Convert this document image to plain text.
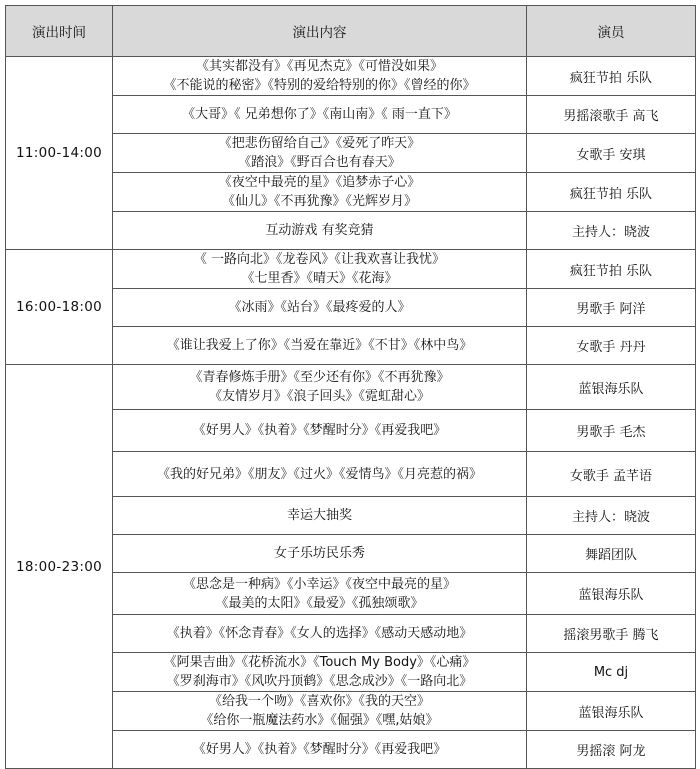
演出时间	演出内容	演员
11:00-14:00	《其实都没有》《再见杰克》《可惜没如果》
《不能说的秘密》《特别的爱给特别的你》《曾经的你》	疯狂节拍 乐队

	《大哥》《 兄弟想你了》《南山南》《 雨一直下》	男摇滚歌手 高飞

	《把悲伤留给自己》《爱死了昨天》
《踏浪》《野百合也有春天》	女歌手 安琪

	《夜空中最亮的星》《追梦赤子心》
《仙儿》《不再犹豫》《光辉岁月》	疯狂节拍 乐队

	互动游戏 有奖竞猜	主持人：晓波
16:00-18:00	《 一路向北》《龙卷风》《让我欢喜让我忧》
《七里香》《晴天》《花海》	疯狂节拍 乐队

	《冰雨》《站台》《最疼爱的人》	男歌手 阿洋

	《谁让我爱上了你》《当爱在靠近》《不甘》《林中鸟》	女歌手 丹丹
18:00-23:00	《青春修炼手册》《至少还有你》《不再犹豫》
《友情岁月》《浪子回头》《霓虹甜心》	蓝银海乐队

	《好男人》《执着》《梦醒时分》《再爱我吧》	男歌手 毛杰

	《我的好兄弟》《朋友》《过火》《爱情鸟》《月亮惹的祸》	女歌手 孟芊语

	幸运大抽奖	主持人：晓波

	女子乐坊民乐秀	舞蹈团队

	《思念是一种病》《小幸运》《夜空中最亮的星》
《最美的太阳》《最爱》《孤独颂歌》	蓝银海乐队

	《执着》《怀念青春》《女人的选择》《感动天感动地》	摇滚男歌手 腾飞

	《阿果吉曲》《花桥流水》《Touch My Body》《心痛》
《罗刹海市》《风吹丹顶鹤》《思念成沙》《一路向北》	Mc dj

	《给我一个吻》《喜欢你》《我的天空》
《给你一瓶魔法药水》《倔强》《嘿,姑娘》	蓝银海乐队

	《好男人》《执着》《梦醒时分》《再爱我吧》	男摇滚 阿龙
